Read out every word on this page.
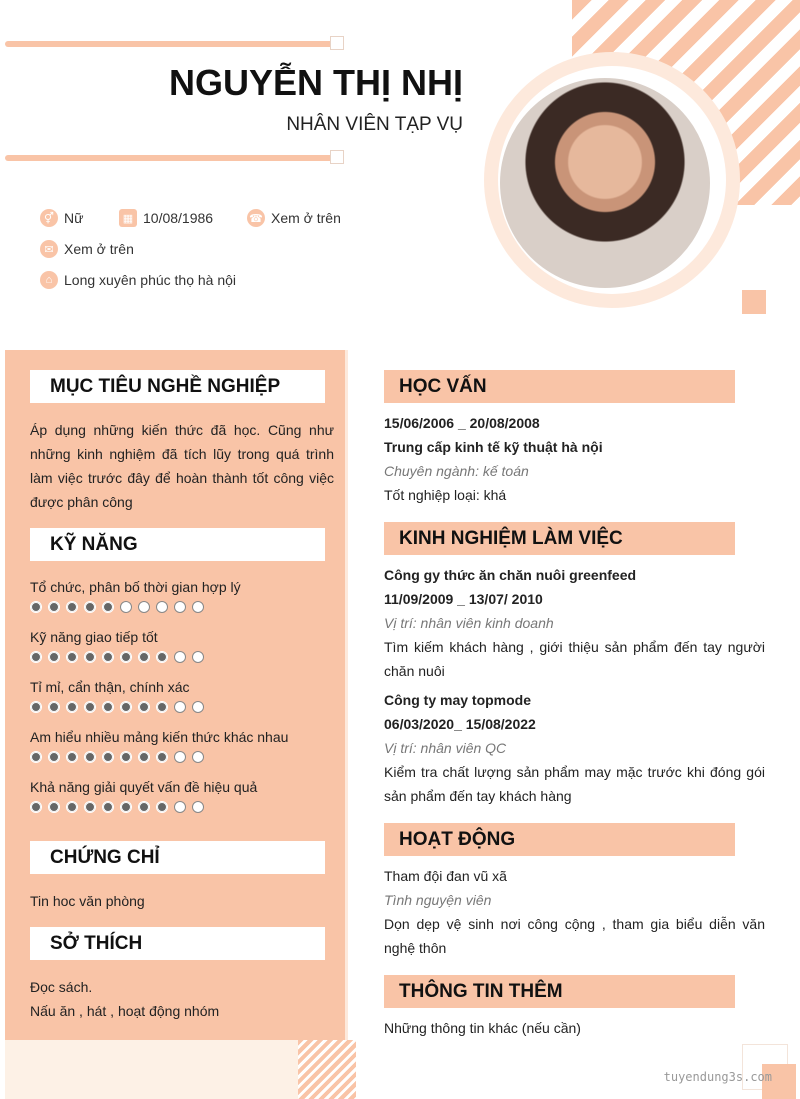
NGUYỄN THỊ NHỊ
NHÂN VIÊN TẠP VỤ
⚥ Nữ	▦ 10/08/1986	☎ Xem ở trên
✉ Xem ở trên
⌂ Long xuyên phúc thọ hà nội
MỤC TIÊU NGHỀ NGHIỆP
Áp dụng những kiến thức đã học. Cũng như những kinh nghiệm đã tích lũy trong quá trình làm việc trước đây để hoàn thành tốt công việc được phân công
KỸ NĂNG
Tổ chức, phân bố thời gian hợp lý
Kỹ năng giao tiếp tốt
Tỉ mỉ, cẩn thận, chính xác
Am hiểu nhiều mảng kiến thức khác nhau
Khả năng giải quyết vấn đề hiệu quả
CHỨNG CHỈ
Tin hoc văn phòng
SỞ THÍCH
Đọc sách.
Nấu ăn , hát , hoạt động nhóm
HỌC VẤN
15/06/2006 _ 20/08/2008
Trung cấp kinh tế kỹ thuật hà nội
Chuyên ngành: kế toán
Tốt nghiệp loại: khá
KINH NGHIỆM LÀM VIỆC
Công gy thức ăn chăn nuôi greenfeed
11/09/2009 _ 13/07/ 2010
Vị trí: nhân viên kinh doanh
Tìm kiếm khách hàng , giới thiệu sản phẩm đến tay người chăn nuôi
Công ty may topmode
06/03/2020_ 15/08/2022
Vị trí: nhân viên QC
Kiểm tra chất lượng sản phẩm may mặc trước khi đóng gói sản phẩm đến tay khách hàng
HOẠT ĐỘNG
Tham đội đan vũ xã
Tình nguyện viên
Dọn dẹp vệ sinh nơi công cộng , tham gia biểu diễn văn nghệ thôn
THÔNG TIN THÊM
Những thông tin khác (nếu cần)
tuyendung3s.com
